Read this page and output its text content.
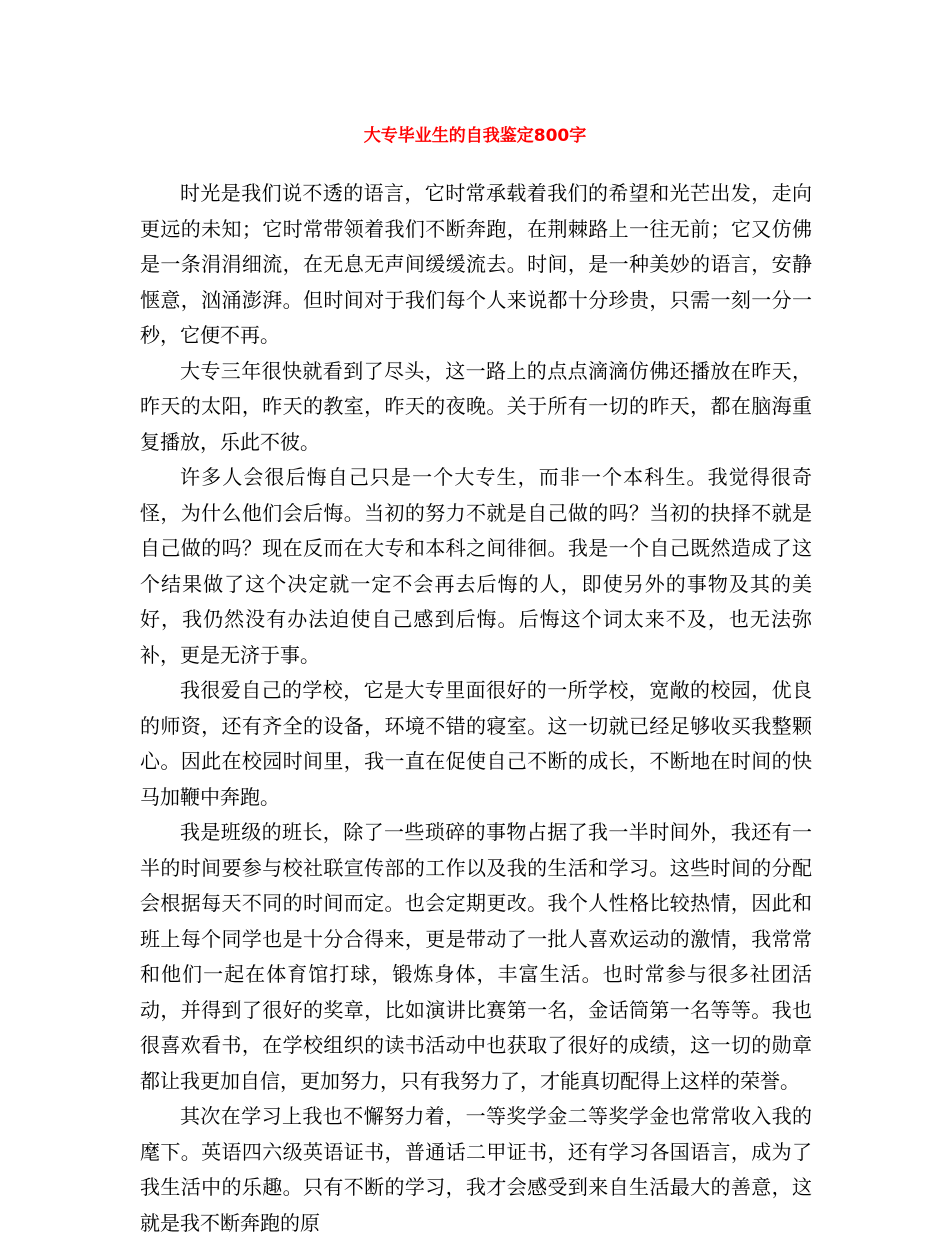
大专毕业生的自我鉴定800字

时光是我们说不透的语言，它时常承载着我们的希望和光芒出发，走向更远的未知；它时常带领着我们不断奔跑，在荆棘路上一往无前；它又仿佛是一条涓涓细流，在无息无声间缓缓流去。时间，是一种美妙的语言，安静惬意，汹涌澎湃。但时间对于我们每个人来说都十分珍贵，只需一刻一分一秒，它便不再。

大专三年很快就看到了尽头，这一路上的点点滴滴仿佛还播放在昨天，昨天的太阳，昨天的教室，昨天的夜晚。关于所有一切的昨天，都在脑海重复播放，乐此不彼。

许多人会很后悔自己只是一个大专生，而非一个本科生。我觉得很奇怪，为什么他们会后悔。当初的努力不就是自己做的吗？当初的抉择不就是自己做的吗？现在反而在大专和本科之间徘徊。我是一个自己既然造成了这个结果做了这个决定就一定不会再去后悔的人，即使另外的事物及其的美好，我仍然没有办法迫使自己感到后悔。后悔这个词太来不及，也无法弥补，更是无济于事。

我很爱自己的学校，它是大专里面很好的一所学校，宽敞的校园，优良的师资，还有齐全的设备，环境不错的寝室。这一切就已经足够收买我整颗心。因此在校园时间里，我一直在促使自己不断的成长，不断地在时间的快马加鞭中奔跑。

我是班级的班长，除了一些琐碎的事物占据了我一半时间外，我还有一半的时间要参与校社联宣传部的工作以及我的生活和学习。这些时间的分配会根据每天不同的时间而定。也会定期更改。我个人性格比较热情，因此和班上每个同学也是十分合得来，更是带动了一批人喜欢运动的激情，我常常和他们一起在体育馆打球，锻炼身体，丰富生活。也时常参与很多社团活动，并得到了很好的奖章，比如演讲比赛第一名，金话筒第一名等等。我也很喜欢看书，在学校组织的读书活动中也获取了很好的成绩，这一切的勋章都让我更加自信，更加努力，只有我努力了，才能真切配得上这样的荣誉。

其次在学习上我也不懈努力着，一等奖学金二等奖学金也常常收入我的麾下。英语四六级英语证书，普通话二甲证书，还有学习各国语言，成为了我生活中的乐趣。只有不断的学习，我才会感受到来自生活最大的善意，这就是我不断奔跑的原
